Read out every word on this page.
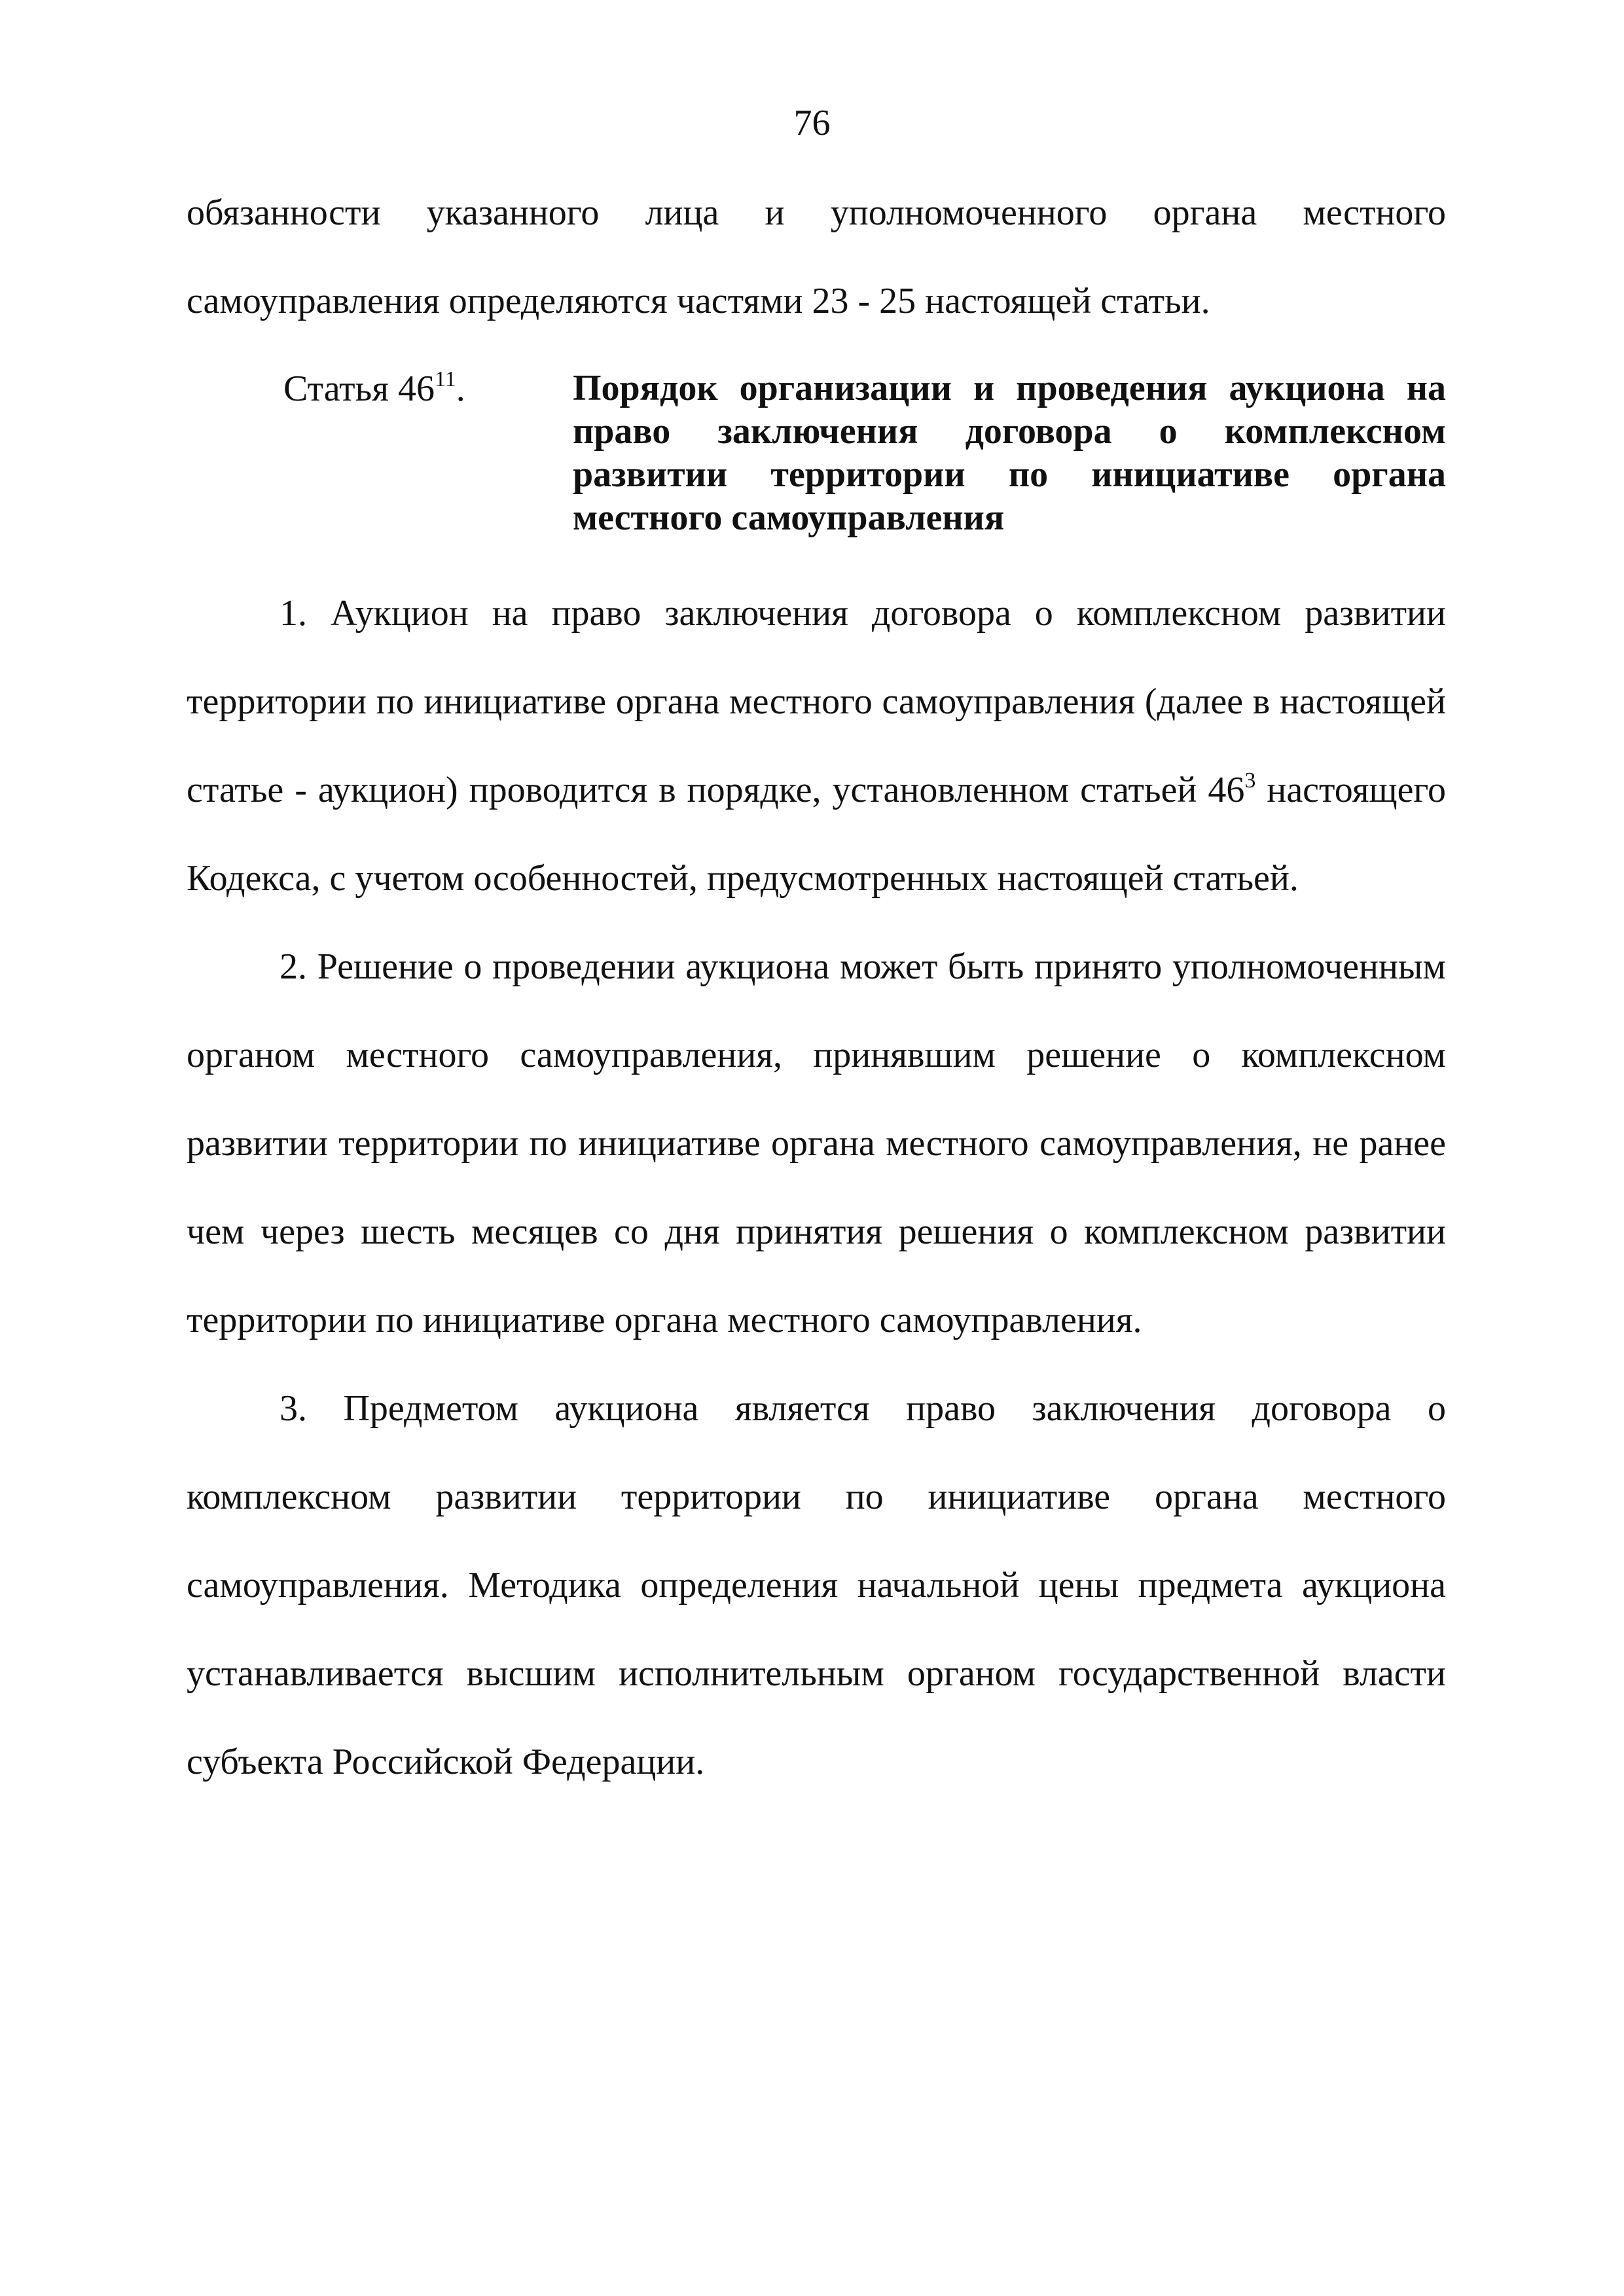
76

обязанности указанного лица и уполномоченного органа местного самоуправления определяются частями 23 - 25 настоящей статьи.

Статья $46^{11}$.	Порядок организации и проведения аукциона на право заключения договора о комплексном развитии территории по инициативе органа местного самоуправления

1. Аукцион на право заключения договора о комплексном развитии территории по инициативе органа местного самоуправления (далее в настоящей статье - аукцион) проводится в порядке, установленном статьей $46^3$ настоящего Кодекса, с учетом особенностей, предусмотренных настоящей статьей.

2. Решение о проведении аукциона может быть принято уполномоченным органом местного самоуправления, принявшим решение о комплексном развитии территории по инициативе органа местного самоуправления, не ранее чем через шесть месяцев со дня принятия решения о комплексном развитии территории по инициативе органа местного самоуправления.

3. Предметом аукциона является право заключения договора о комплексном развитии территории по инициативе органа местного самоуправления. Методика определения начальной цены предмета аукциона устанавливается высшим исполнительным органом государственной власти субъекта Российской Федерации.
